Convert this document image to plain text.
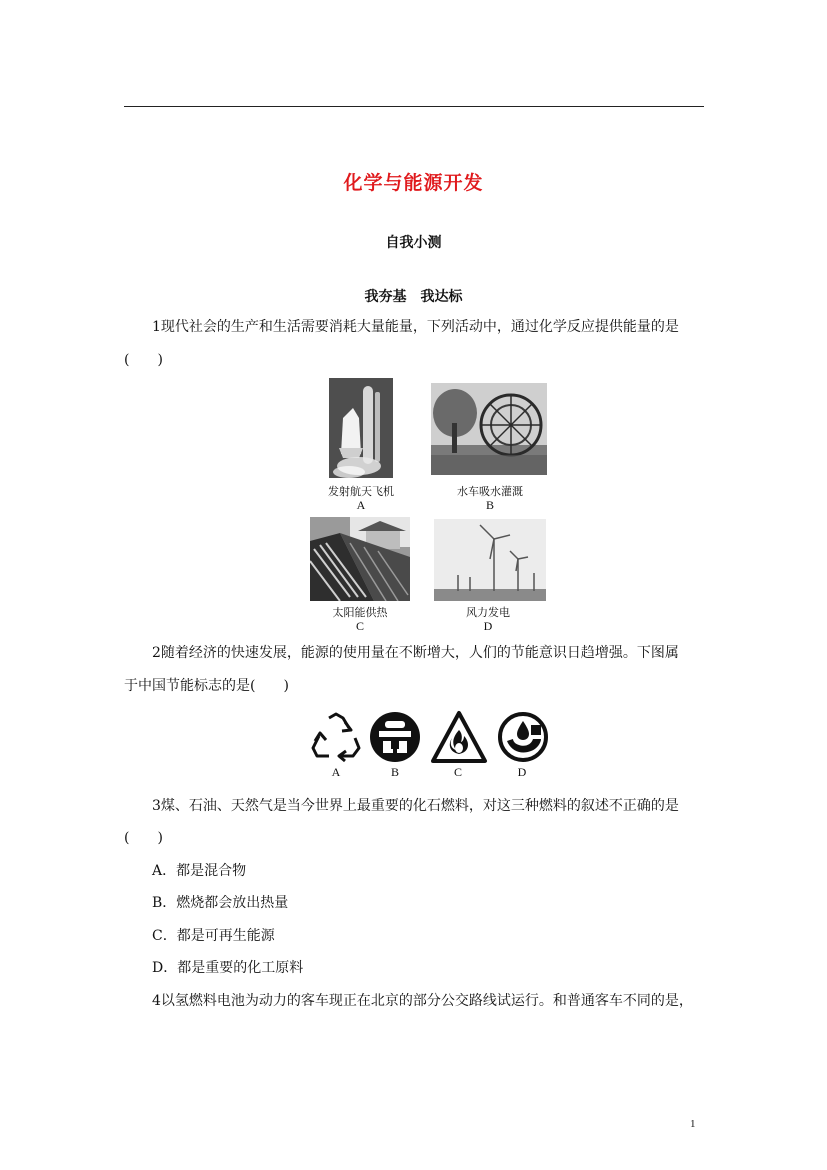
化学与能源开发
自我小测
我夯基　我达标
1现代社会的生产和生活需要消耗大量能量，下列活动中，通过化学反应提供能量的是
(　　)
发射航天飞机
A
水车吸水灌溉
B
太阳能供热
C
风力发电
D
2随着经济的快速发展，能源的使用量在不断增大，人们的节能意识日趋增强。下图属
于中国节能标志的是(　　)
A	B	C	D
3煤、石油、天然气是当今世界上最重要的化石燃料，对这三种燃料的叙述不正确的是
(　　)
A．都是混合物
B．燃烧都会放出热量
C．都是可再生能源
D．都是重要的化工原料
4以氢燃料电池为动力的客车现正在北京的部分公交路线试运行。和普通客车不同的是，
1
